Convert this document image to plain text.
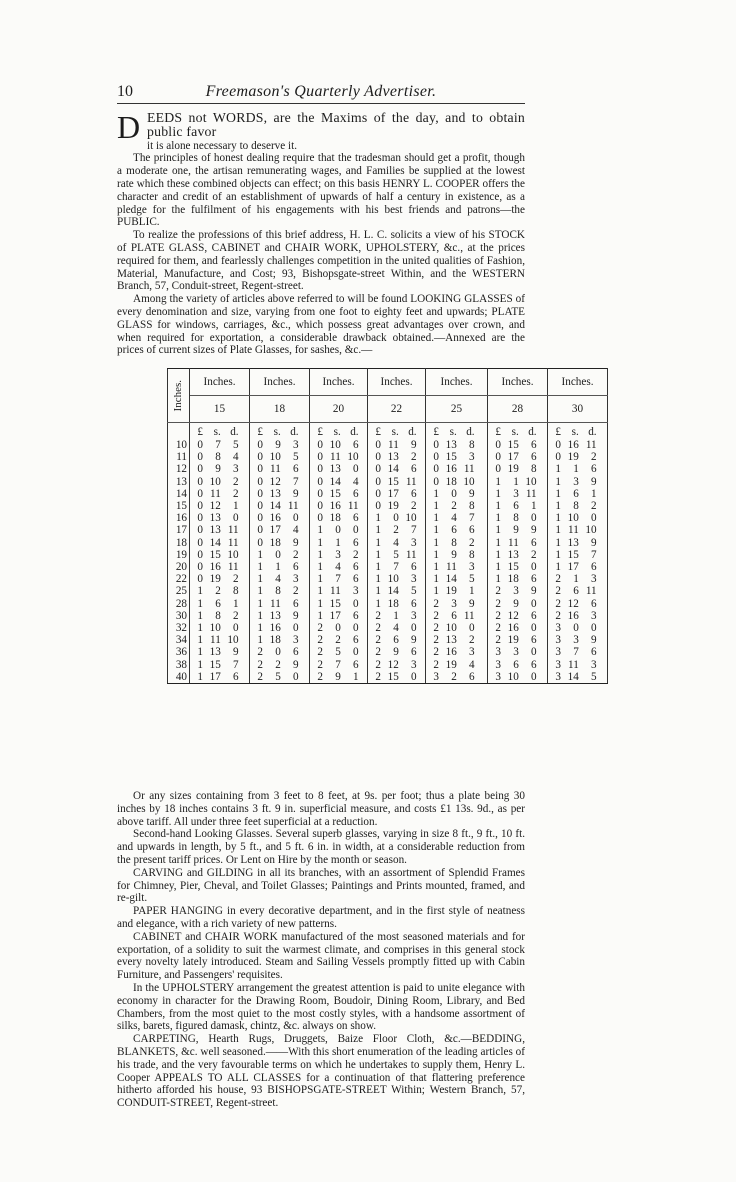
10	Freemason's Quarterly Advertiser.

D EEDS not WORDS, are the Maxims of the day, and to obtain public favor
it is alone necessary to deserve it.

The principles of honest dealing require that the tradesman should get a profit, though a moderate one, the artisan remunerating wages, and Families be supplied at the lowest rate which these combined objects can effect; on this basis HENRY L. COOPER offers the character and credit of an establishment of upwards of half a century in existence, as a pledge for the fulfilment of his engagements with his best friends and patrons—the PUBLIC.

To realize the professions of this brief address, H. L. C. solicits a view of his STOCK of PLATE GLASS, CABINET and CHAIR WORK, UPHOLSTERY, &c., at the prices required for them, and fearlessly challenges competition in the united qualities of Fashion, Material, Manufacture, and Cost; 93, Bishopsgate-street Within, and the WESTERN Branch, 57, Conduit-street, Regent-street.

Among the variety of articles above referred to will be found LOOKING GLASSES of every denomination and size, varying from one foot to eighty feet and upwards; PLATE GLASS for windows, carriages, &c., which possess great advantages over crown, and when required for exportation, a considerable drawback obtained.—Annexed are the prices of current sizes of Plate Glasses, for sashes, &c.—

Inches.	Inches.	Inches.	Inches.	Inches.	Inches.	Inches.	Inches.
	15	18	20	22	25	28	30
	£ s. d.	£ s. d.	£ s. d.	£ s. d.	£ s. d.	£ s. d.	£ s. d.
10	0 7 5	0 9 3	0 10 6	0 11 9	0 13 8	0 15 6	0 16 11
11	0 8 4	0 10 5	0 11 10	0 13 2	0 15 3	0 17 6	0 19 2
12	0 9 3	0 11 6	0 13 0	0 14 6	0 16 11	0 19 8	1 1 6
13	0 10 2	0 12 7	0 14 4	0 15 11	0 18 10	1 1 10	1 3 9
14	0 11 2	0 13 9	0 15 6	0 17 6	1 0 9	1 3 11	1 6 1
15	0 12 1	0 14 11	0 16 11	0 19 2	1 2 8	1 6 1	1 8 2
16	0 13 0	0 16 0	0 18 6	1 0 10	1 4 7	1 8 0	1 10 0
17	0 13 11	0 17 4	1 0 0	1 2 7	1 6 6	1 9 9	1 11 10
18	0 14 11	0 18 9	1 1 6	1 4 3	1 8 2	1 11 6	1 13 9
19	0 15 10	1 0 2	1 3 2	1 5 11	1 9 8	1 13 2	1 15 7
20	0 16 11	1 1 6	1 4 6	1 7 6	1 11 3	1 15 0	1 17 6
22	0 19 2	1 4 3	1 7 6	1 10 3	1 14 5	1 18 6	2 1 3
25	1 2 8	1 8 2	1 11 3	1 14 5	1 19 1	2 3 9	2 6 11
28	1 6 1	1 11 6	1 15 0	1 18 6	2 3 9	2 9 0	2 12 6
30	1 8 2	1 13 9	1 17 6	2 1 3	2 6 11	2 12 6	2 16 3
32	1 10 0	1 16 0	2 0 0	2 4 0	2 10 0	2 16 0	3 0 0
34	1 11 10	1 18 3	2 2 6	2 6 9	2 13 2	2 19 6	3 3 9
36	1 13 9	2 0 6	2 5 0	2 9 6	2 16 3	3 3 0	3 7 6
38	1 15 7	2 2 9	2 7 6	2 12 3	2 19 4	3 6 6	3 11 3
40	1 17 6	2 5 0	2 9 1	2 15 0	3 2 6	3 10 0	3 14 5

Or any sizes containing from 3 feet to 8 feet, at 9s. per foot; thus a plate being 30 inches by 18 inches contains 3 ft. 9 in. superficial measure, and costs £1 13s. 9d., as per above tariff. All under three feet superficial at a reduction.

Second-hand Looking Glasses. Several superb glasses, varying in size 8 ft., 9 ft., 10 ft. and upwards in length, by 5 ft., and 5 ft. 6 in. in width, at a considerable reduction from the present tariff prices. Or Lent on Hire by the month or season.

CARVING and GILDING in all its branches, with an assortment of Splendid Frames for Chimney, Pier, Cheval, and Toilet Glasses; Paintings and Prints mounted, framed, and re-gilt.

PAPER HANGING in every decorative department, and in the first style of neatness and elegance, with a rich variety of new patterns.

CABINET and CHAIR WORK manufactured of the most seasoned materials and for exportation, of a solidity to suit the warmest climate, and comprises in this general stock every novelty lately introduced. Steam and Sailing Vessels promptly fitted up with Cabin Furniture, and Passengers' requisites.

In the UPHOLSTERY arrangement the greatest attention is paid to unite elegance with economy in character for the Drawing Room, Boudoir, Dining Room, Library, and Bed Chambers, from the most quiet to the most costly styles, with a handsome assortment of silks, barets, figured damask, chintz, &c. always on show.

CARPETING, Hearth Rugs, Druggets, Baize Floor Cloth, &c.—BEDDING, BLANKETS, &c. well seasoned.——With this short enumeration of the leading articles of his trade, and the very favourable terms on which he undertakes to supply them, Henry L. Cooper APPEALS TO ALL CLASSES for a continuation of that flattering preference hitherto afforded his house, 93 BISHOPSGATE-STREET Within; Western Branch, 57, CONDUIT-STREET, Regent-street.
